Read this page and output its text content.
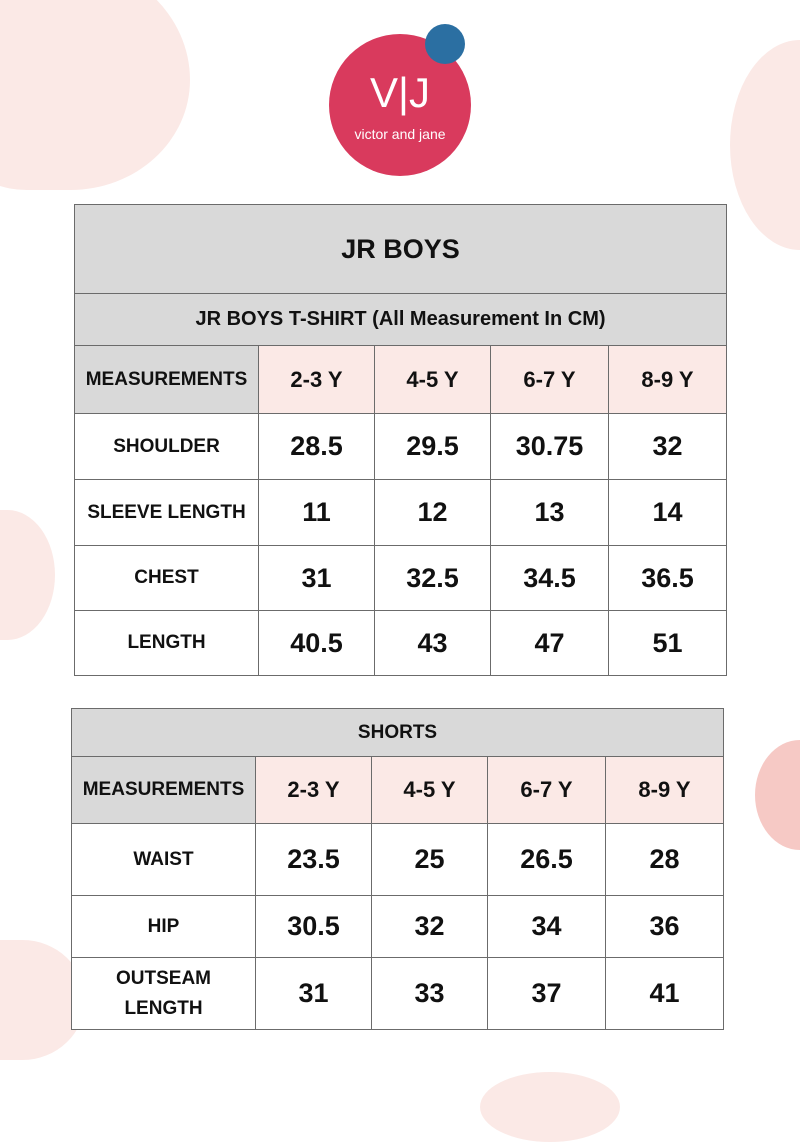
V|J
victor and jane
JR BOYS				
JR BOYS T-SHIRT (All Measurement In CM)				
MEASUREMENTS	2-3 Y	4-5 Y	6-7 Y	8-9 Y
SHOULDER	28.5	29.5	30.75	32
SLEEVE LENGTH	11	12	13	14
CHEST	31	32.5	34.5	36.5
LENGTH	40.5	43	47	51
SHORTS				
MEASUREMENTS	2-3 Y	4-5 Y	6-7 Y	8-9 Y
WAIST	23.5	25	26.5	28
HIP	30.5	32	34	36
OUTSEAM
LENGTH	31	33	37	41
